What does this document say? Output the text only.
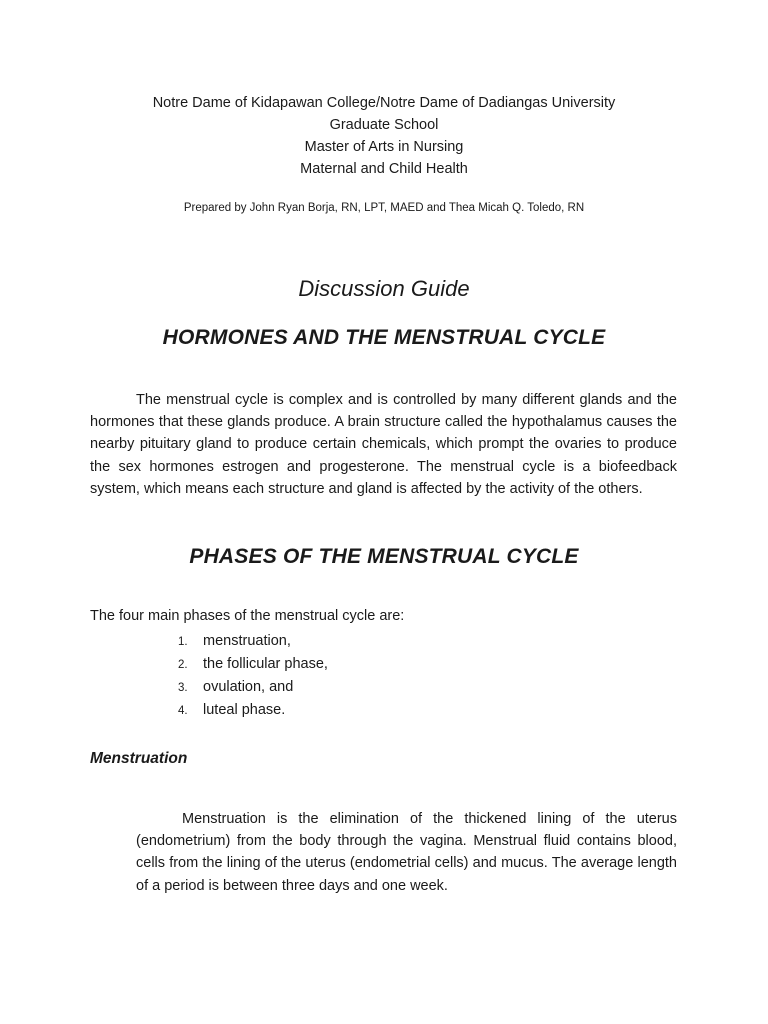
Notre Dame of Kidapawan College/Notre Dame of Dadiangas University
Graduate School
Master of Arts in Nursing
Maternal and Child Health
Prepared by John Ryan Borja, RN, LPT, MAED and Thea Micah Q. Toledo, RN
Discussion Guide
HORMONES AND THE MENSTRUAL CYCLE

The menstrual cycle is complex and is controlled by many different glands and the hormones that these glands produce. A brain structure called the hypothalamus causes the nearby pituitary gland to produce certain chemicals, which prompt the ovaries to produce the sex hormones estrogen and progesterone. The menstrual cycle is a biofeedback system, which means each structure and gland is affected by the activity of the others.

PHASES OF THE MENSTRUAL CYCLE
The four main phases of the menstrual cycle are:
1. menstruation,
2. the follicular phase,
3. ovulation, and
4. luteal phase.
Menstruation

Menstruation is the elimination of the thickened lining of the uterus (endometrium) from the body through the vagina. Menstrual fluid contains blood, cells from the lining of the uterus (endometrial cells) and mucus. The average length of a period is between three days and one week.
